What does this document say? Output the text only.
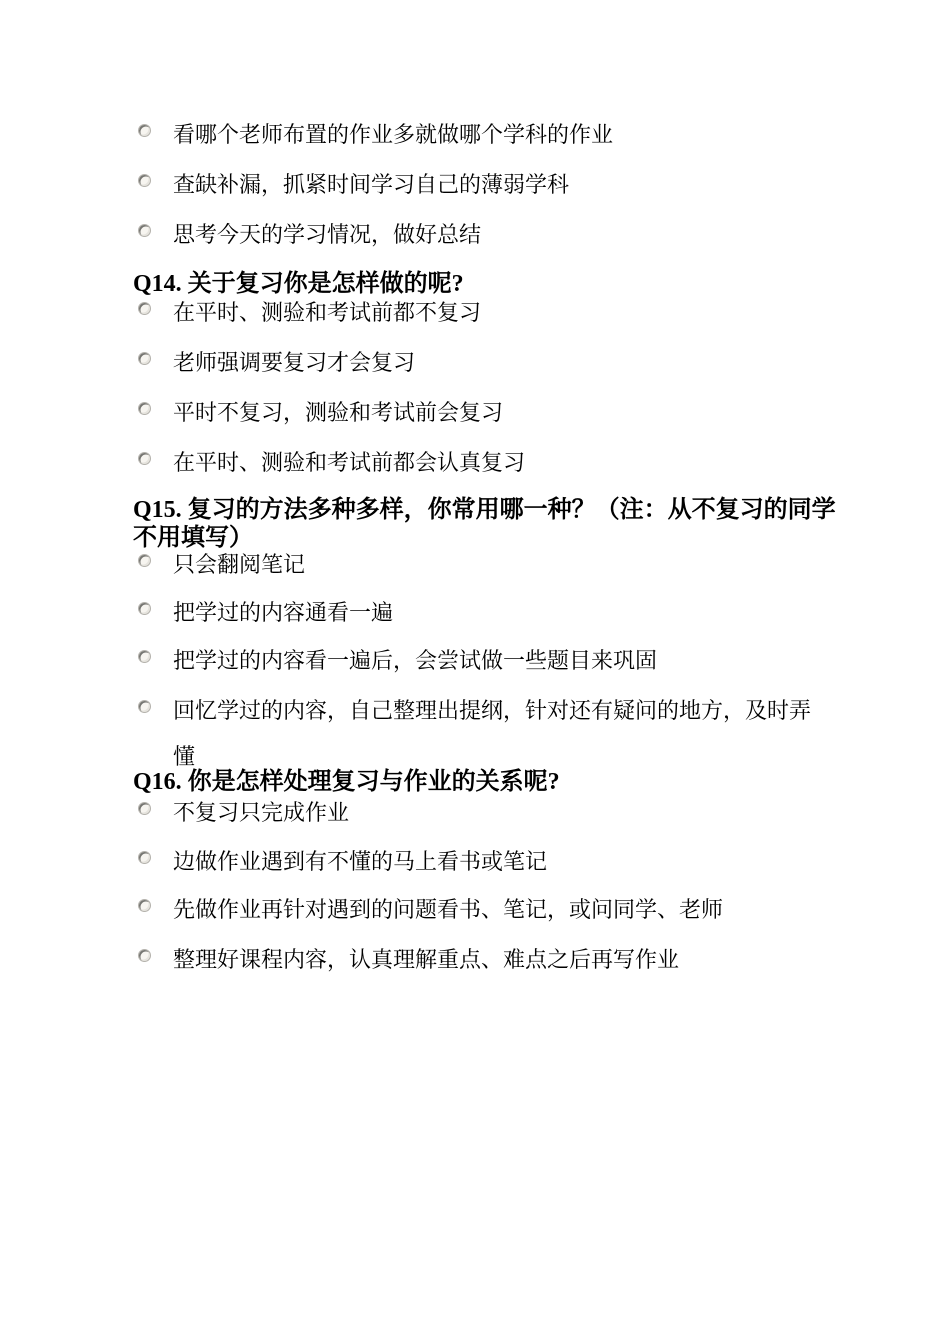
看哪个老师布置的作业多就做哪个学科的作业
查缺补漏，抓紧时间学习自己的薄弱学科
思考今天的学习情况，做好总结
Q14. 关于复习你是怎样做的呢?
在平时、测验和考试前都不复习
老师强调要复习才会复习
平时不复习，测验和考试前会复习
在平时、测验和考试前都会认真复习
Q15. 复习的方法多种多样，你常用哪一种？（注：从不复习的同学不用填写）
只会翻阅笔记
把学过的内容通看一遍
把学过的内容看一遍后，会尝试做一些题目来巩固
回忆学过的内容，自己整理出提纲，针对还有疑问的地方，及时弄懂
Q16. 你是怎样处理复习与作业的关系呢?
不复习只完成作业
边做作业遇到有不懂的马上看书或笔记
先做作业再针对遇到的问题看书、笔记，或问同学、老师
整理好课程内容，认真理解重点、难点之后再写作业
